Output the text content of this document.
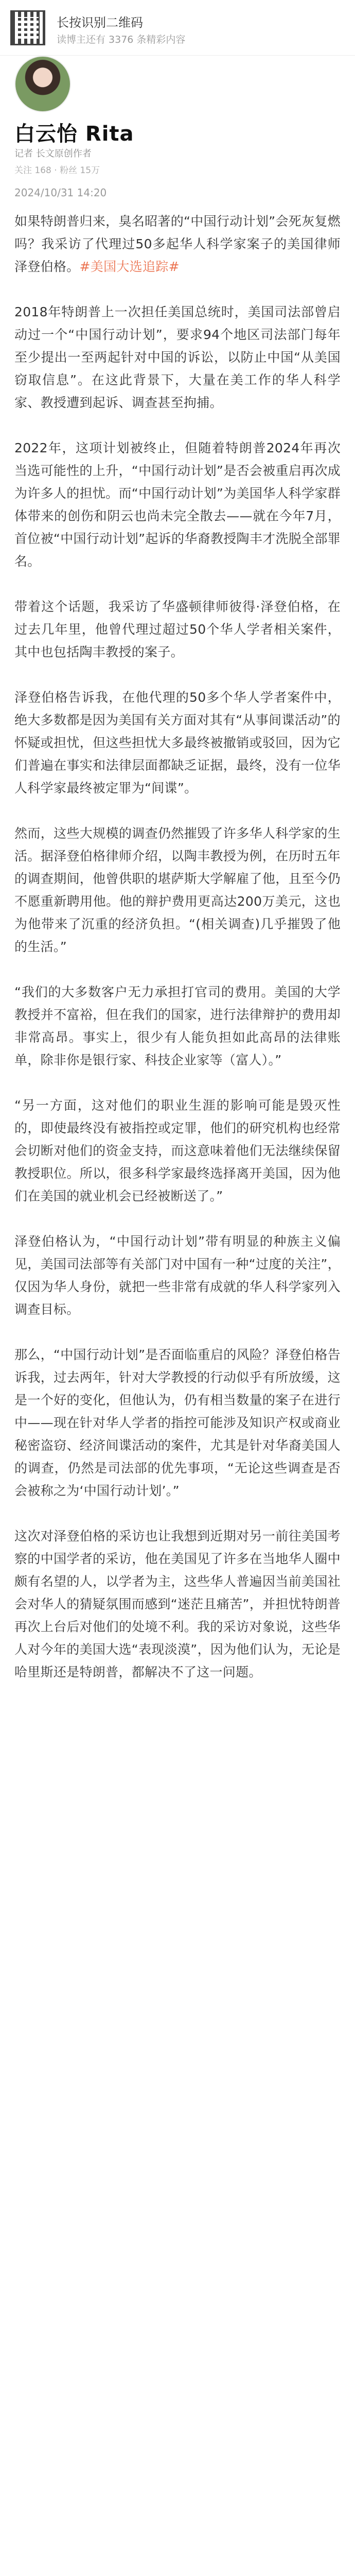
长按识别二维码
读博主还有 3376 条精彩内容
白云怡 Rita
记者 长文原创作者
关注 168 · 粉丝 15万
2024/10/31 14:20

如果特朗普归来，臭名昭著的“中国行动计划”会死灰复燃吗？我采访了代理过50多起华人科学家案子的美国律师泽登伯格。#美国大选追踪#

2018年特朗普上一次担任美国总统时，美国司法部曾启动过一个“中国行动计划”，要求94个地区司法部门每年至少提出一至两起针对中国的诉讼，以防止中国“从美国窃取信息”。在这此背景下，大量在美工作的华人科学家、教授遭到起诉、调查甚至拘捕。

2022年，这项计划被终止，但随着特朗普2024年再次当选可能性的上升，“中国行动计划”是否会被重启再次成为许多人的担忧。而“中国行动计划”为美国华人科学家群体带来的创伤和阴云也尚未完全散去——就在今年7月，首位被“中国行动计划”起诉的华裔教授陶丰才洗脱全部罪名。

带着这个话题，我采访了华盛顿律师彼得·泽登伯格，在过去几年里，他曾代理过超过50个华人学者相关案件，其中也包括陶丰教授的案子。

泽登伯格告诉我，在他代理的50多个华人学者案件中，绝大多数都是因为美国有关方面对其有“从事间谍活动”的怀疑或担忧，但这些担忧大多最终被撤销或驳回，因为它们普遍在事实和法律层面都缺乏证据，最终，没有一位华人科学家最终被定罪为“间谍”。

然而，这些大规模的调查仍然摧毁了许多华人科学家的生活。据泽登伯格律师介绍，以陶丰教授为例，在历时五年的调查期间，他曾供职的堪萨斯大学解雇了他，且至今仍不愿重新聘用他。他的辩护费用更高达200万美元，这也为他带来了沉重的经济负担。“(相关调查)几乎摧毁了他的生活。”

“我们的大多数客户无力承担打官司的费用。美国的大学教授并不富裕，但在我们的国家，进行法律辩护的费用却非常高昂。事实上，很少有人能负担如此高昂的法律账单，除非你是银行家、科技企业家等（富人）。”

“另一方面，这对他们的职业生涯的影响可能是毁灭性的，即使最终没有被指控或定罪，他们的研究机构也经常会切断对他们的资金支持，而这意味着他们无法继续保留教授职位。所以，很多科学家最终选择离开美国，因为他们在美国的就业机会已经被断送了。”

泽登伯格认为，“中国行动计划”带有明显的种族主义偏见，美国司法部等有关部门对中国有一种“过度的关注”，仅因为华人身份，就把一些非常有成就的华人科学家列入调查目标。

那么，“中国行动计划”是否面临重启的风险？泽登伯格告诉我，过去两年，针对大学教授的行动似乎有所放缓，这是一个好的变化，但他认为，仍有相当数量的案子在进行中——现在针对华人学者的指控可能涉及知识产权或商业秘密盗窃、经济间谍活动的案件，尤其是针对华裔美国人的调查，仍然是司法部的优先事项，“无论这些调查是否会被称之为‘中国行动计划’。”

这次对泽登伯格的采访也让我想到近期对另一前往美国考察的中国学者的采访，他在美国见了许多在当地华人圈中颇有名望的人，以学者为主，这些华人普遍因当前美国社会对华人的猜疑氛围而感到“迷茫且痛苦”，并担忧特朗普再次上台后对他们的处境不利。我的采访对象说，这些华人对今年的美国大选“表现淡漠”，因为他们认为，无论是哈里斯还是特朗普，都解决不了这一问题。
